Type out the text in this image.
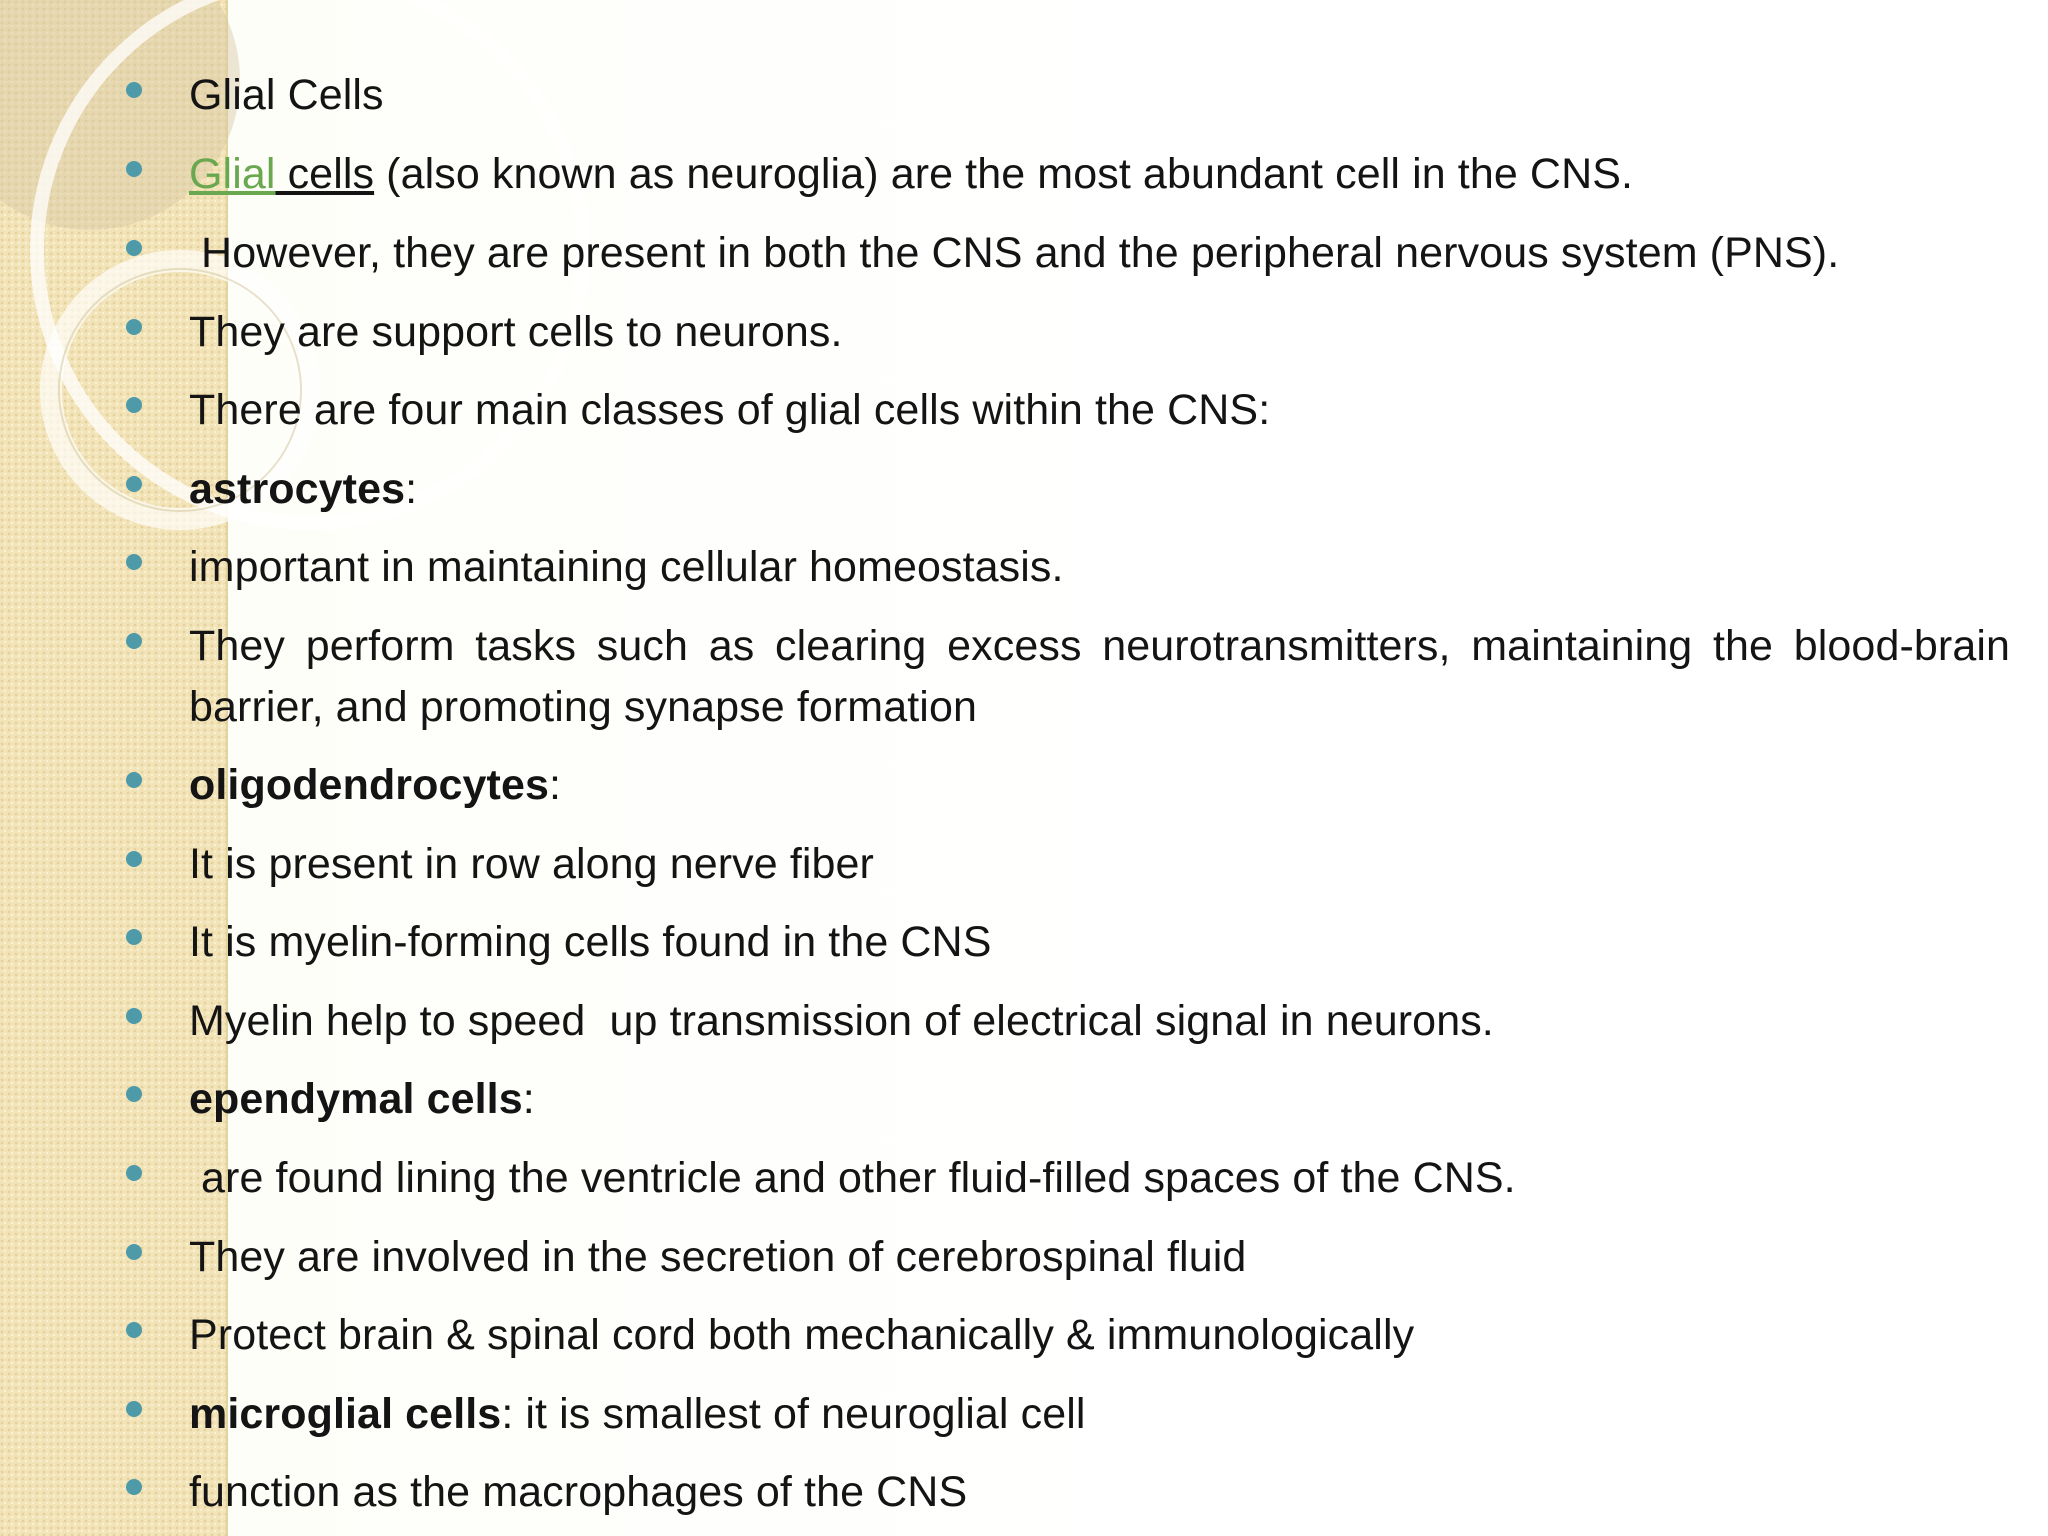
Glial Cells
Glial cells (also known as neuroglia) are the most abundant cell in the CNS.
However, they are present in both the CNS and the peripheral nervous system (PNS).
They are support cells to neurons.
There are four main classes of glial cells within the CNS:
astrocytes:
important in maintaining cellular homeostasis.
They perform tasks such as clearing excess neurotransmitters, maintaining the blood-brain barrier, and promoting synapse formation
oligodendrocytes:
It is present in row along nerve fiber
It is myelin-forming cells found in the CNS
Myelin help to speed  up transmission of electrical signal in neurons.
ependymal cells:
are found lining the ventricle and other fluid-filled spaces of the CNS.
They are involved in the secretion of cerebrospinal fluid
Protect brain & spinal cord both mechanically & immunologically
microglial cells: it is smallest of neuroglial cell
function as the macrophages of the CNS
